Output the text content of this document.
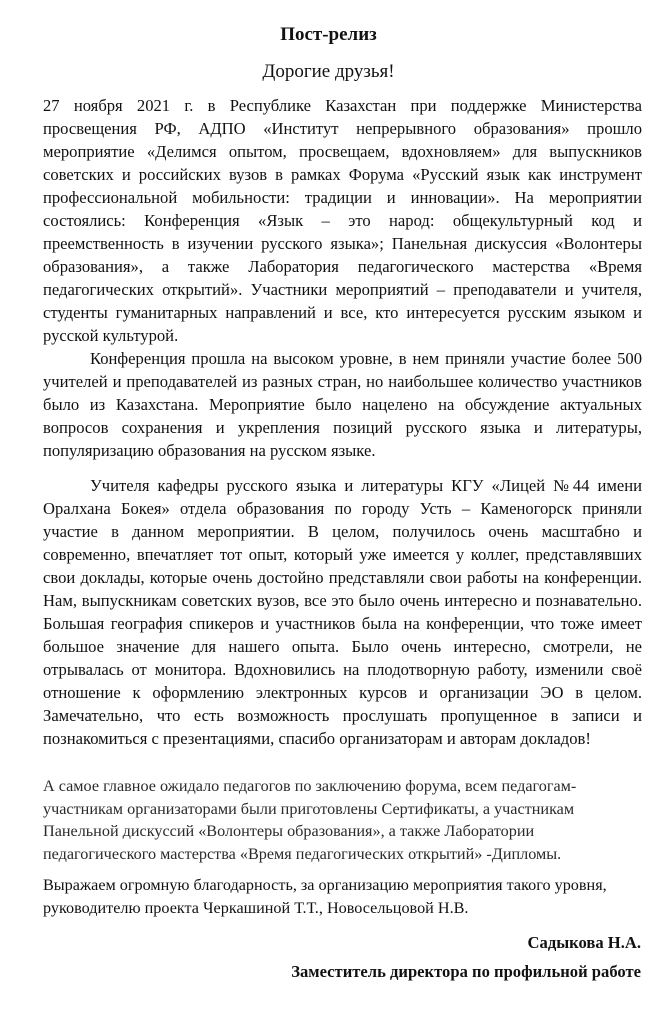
Пост-релиз
Дорогие друзья!

27 ноября 2021 г. в Республике Казахстан при поддержке Министерства просвещения РФ, АДПО «Институт непрерывного образования» прошло мероприятие «Делимся опытом, просвещаем, вдохновляем» для выпускников советских и российских вузов в рамках Форума «Русский язык как инструмент профессиональной мобильности: традиции и инновации». На мероприятии состоялись: Конференция «Язык – это народ: общекультурный код и преемственность в изучении русского языка»; Панельная дискуссия «Волонтеры образования», а также Лаборатория педагогического мастерства «Время педагогических открытий». Участники мероприятий – преподаватели и учителя, студенты гуманитарных направлений и все, кто интересуется русским языком и русской культурой.

Конференция прошла на высоком уровне, в нем приняли участие более 500 учителей и преподавателей из разных стран, но наибольшее количество участников было из Казахстана. Мероприятие было нацелено на обсуждение актуальных вопросов сохранения и укрепления позиций русского языка и литературы, популяризацию образования на русском языке.

Учителя кафедры русского языка и литературы КГУ «Лицей №44 имени Оралхана Бокея» отдела образования по городу Усть – Каменогорск приняли участие в данном мероприятии. В целом, получилось очень масштабно и современно, впечатляет тот опыт, который уже имеется у коллег, представлявших свои доклады, которые очень достойно представляли свои работы на конференции. Нам, выпускникам советских вузов, все это было очень интересно и познавательно. Большая география спикеров и участников была на конференции, что тоже имеет большое значение для нашего опыта. Было очень интересно, смотрели, не отрывалась от монитора. Вдохновились на плодотворную работу, изменили своё отношение к оформлению электронных курсов и организации ЭО в целом. Замечательно, что есть возможность прослушать пропущенное в записи и познакомиться с презентациями, спасибо организаторам и авторам докладов!

А самое главное ожидало педагогов по заключению форума, всем педагогам-участникам организаторами были приготовлены Сертификаты, а участникам Панельной дискуссий «Волонтеры образования», а также Лаборатории педагогического мастерства «Время педагогических открытий» -Дипломы.

Выражаем огромную благодарность, за организацию мероприятия такого уровня, руководителю проекта Черкашиной Т.Т., Новосельцовой Н.В.

Садыкова Н.А.
Заместитель директора по профильной работе
